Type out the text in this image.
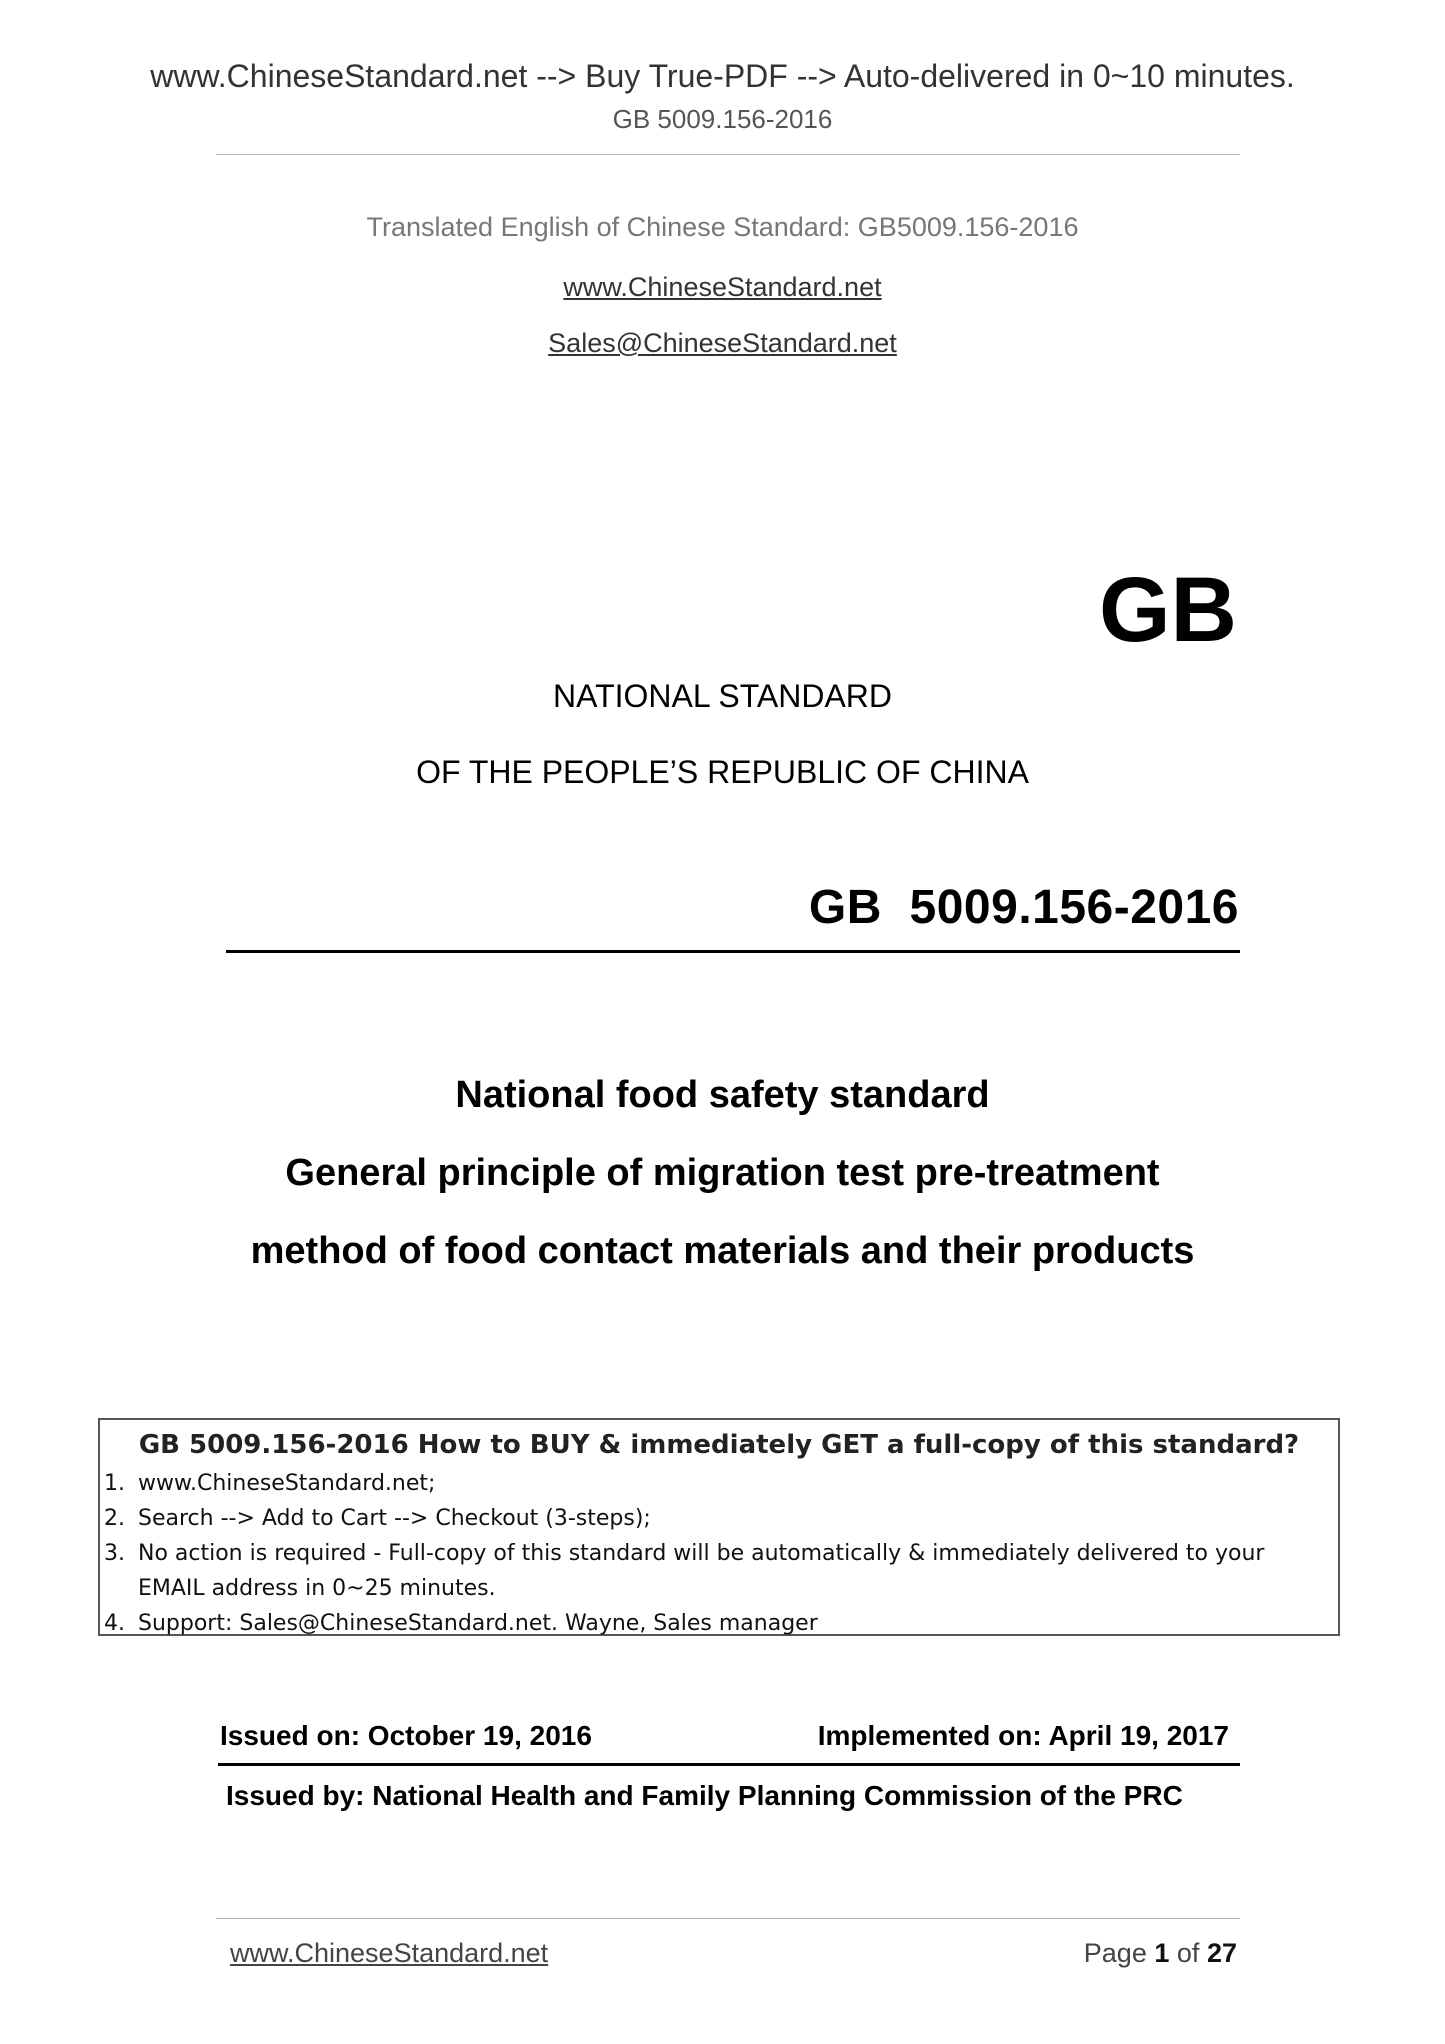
www.ChineseStandard.net --> Buy True-PDF --> Auto-delivered in 0~10 minutes.
GB 5009.156-2016
Translated English of Chinese Standard: GB5009.156-2016
www.ChineseStandard.net
Sales@ChineseStandard.net
GB
NATIONAL STANDARD
OF THE PEOPLE’S REPUBLIC OF CHINA
GB  5009.156-2016
National food safety standard
General principle of migration test pre-treatment
method of food contact materials and their products
GB 5009.156-2016 How to BUY & immediately GET a full-copy of this standard?
1. www.ChineseStandard.net;
2. Search --> Add to Cart --> Checkout (3-steps);
3. No action is required - Full-copy of this standard will be automatically & immediately delivered to your EMAIL address in 0~25 minutes.
4. Support: Sales@ChineseStandard.net. Wayne, Sales manager
Issued on: October 19, 2016	Implemented on: April 19, 2017
Issued by: National Health and Family Planning Commission of the PRC
www.ChineseStandard.net	Page 1 of 27
